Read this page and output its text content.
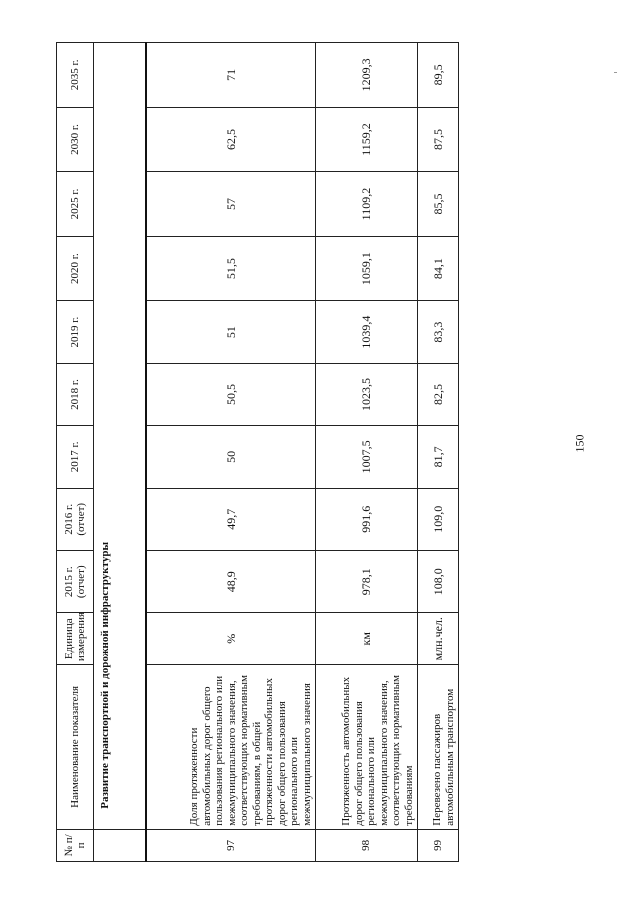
№ п/п	Наименование показателя	Единица измерения	2015 г. (отчет)	2016 г. (отчет)	2017 г.	2018 г.	2019 г.	2020 г.	2025 г.	2030 г.	2035 г.
	Развитие транспортной и дорожной инфраструктуры										
97	Доля протяженности автомобильных дорог общего пользования регионального или межмуниципального значения, соответствующих нормативным требованиям, в общей протяженности автомобильных дорог общего пользования регионального или межмуниципального значения	%	48,9	49,7	50	50,5	51	51,5	57	62,5	71
98	Протяженность автомобильных дорог общего пользования регионального или межмуниципального значения, соответствующих нормативным требованиям	км	978,1	991,6	1007,5	1023,5	1039,4	1059,1	1109,2	1159,2	1209,3
99	Перевезено пассажиров автомобильным транспортом	млн.чел.	108,0	109,0	81,7	82,5	83,3	84,1	85,5	87,5	89,5
150
